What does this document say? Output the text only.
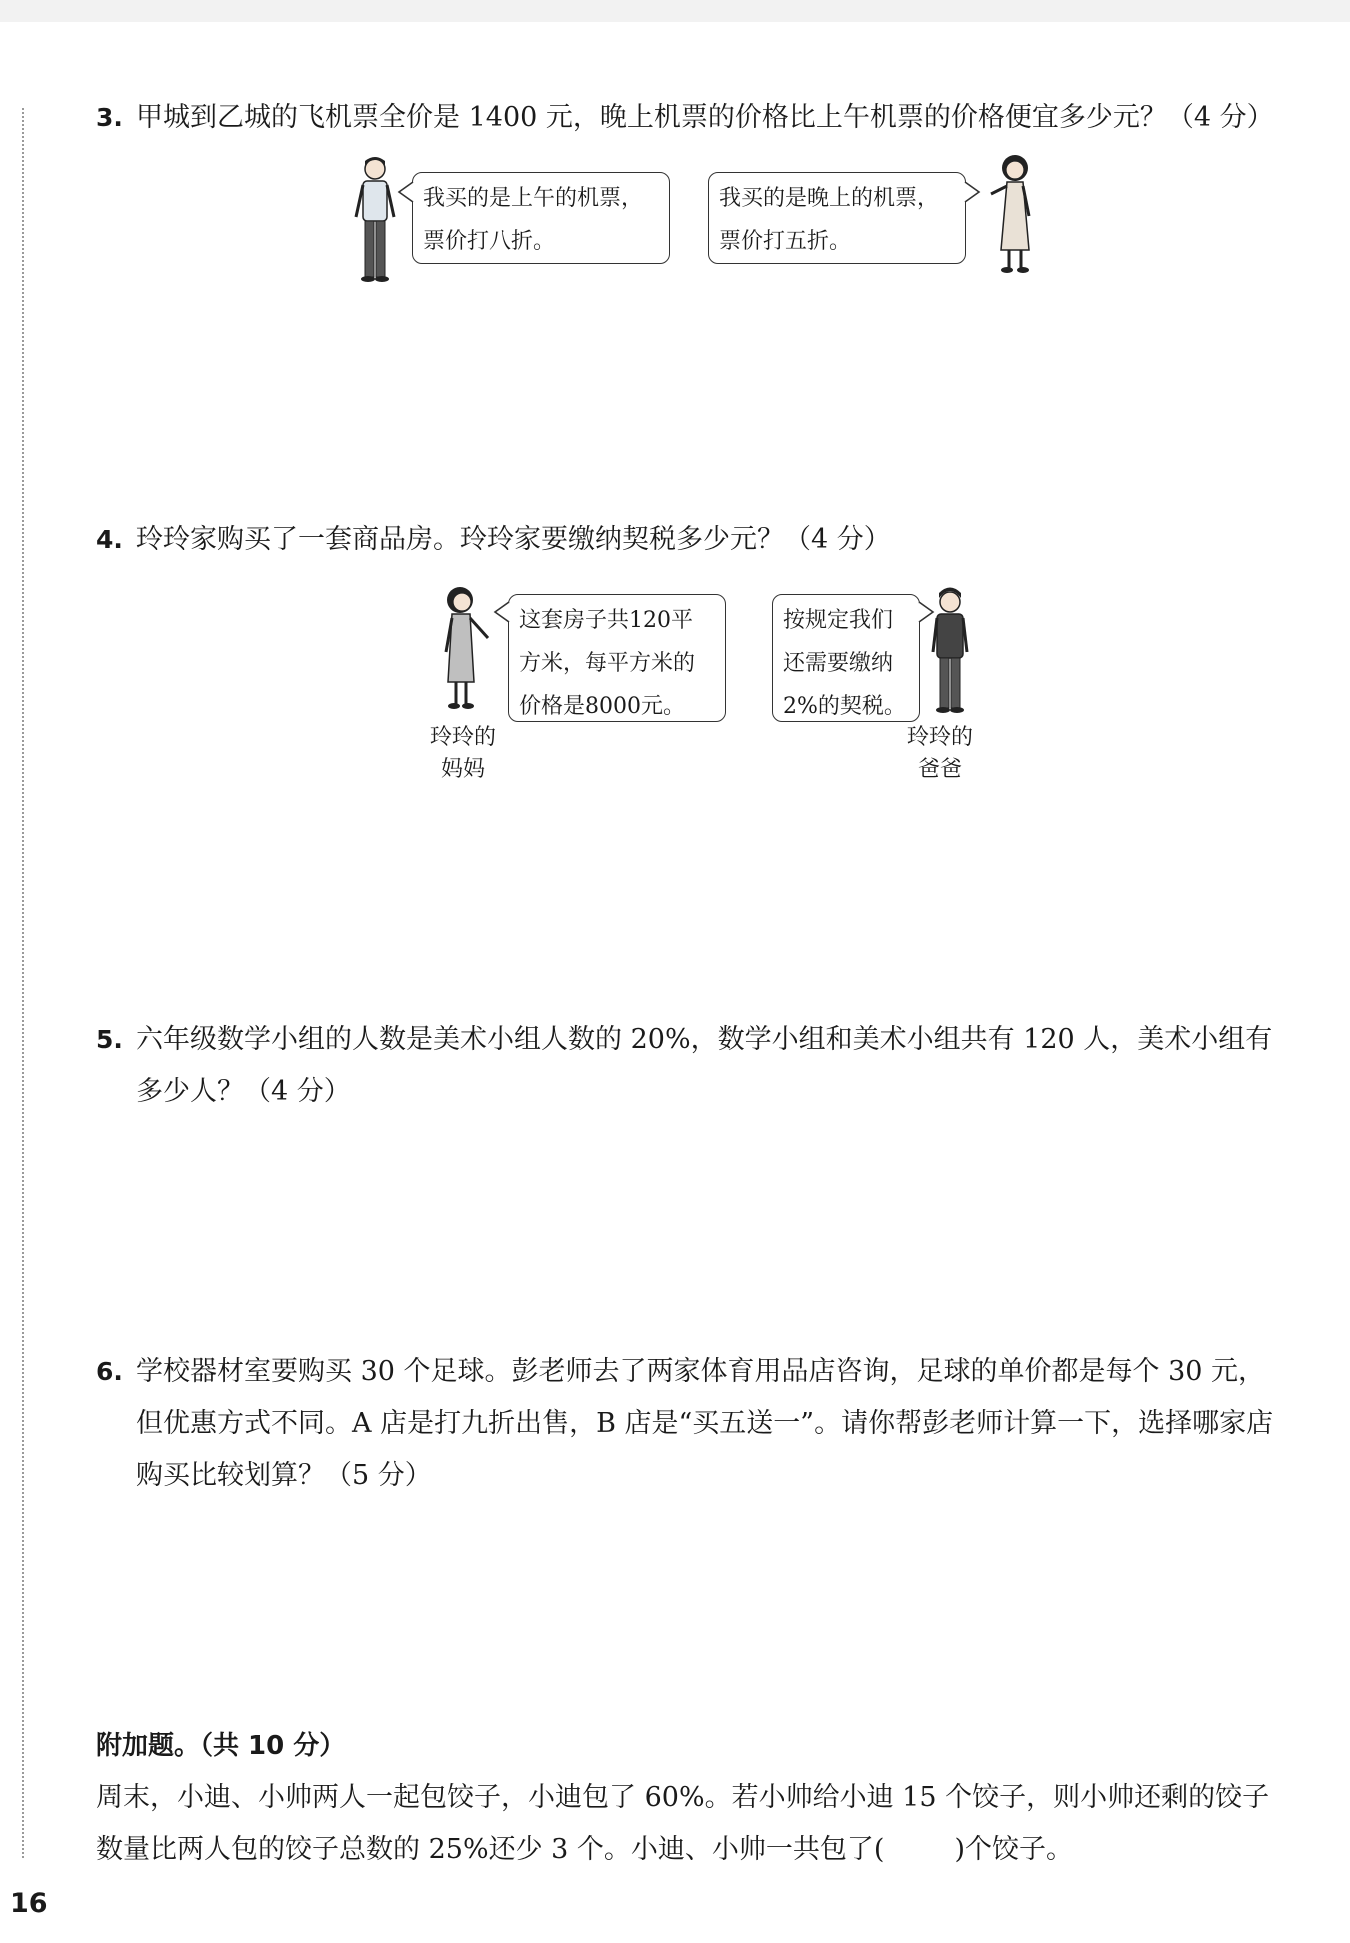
3. 甲城到乙城的飞机票全价是 1400 元，晚上机票的价格比上午机票的价格便宜多少元？（4 分）
我买的是上午的机票，
票价打八折。
我买的是晚上的机票，
票价打五折。
4. 玲玲家购买了一套商品房。玲玲家要缴纳契税多少元？（4 分）
这套房子共120平
方米，每平方米的
价格是8000元。
玲玲的 妈妈
按规定我们
还需要缴纳
2%的契税。
玲玲的 爸爸
5. 六年级数学小组的人数是美术小组人数的 20%，数学小组和美术小组共有 120 人，美术小组有多少人？（4 分）
6. 学校器材室要购买 30 个足球。彭老师去了两家体育用品店咨询，足球的单价都是每个 30 元，但优惠方式不同。A 店是打九折出售，B 店是“买五送一”。请你帮彭老师计算一下，选择哪家店购买比较划算？（5 分）
附加题。（共 10 分）
周末，小迪、小帅两人一起包饺子，小迪包了 60%。若小帅给小迪 15 个饺子，则小帅还剩的饺子数量比两人包的饺子总数的 25%还少 3 个。小迪、小帅一共包了(	)个饺子。
16
